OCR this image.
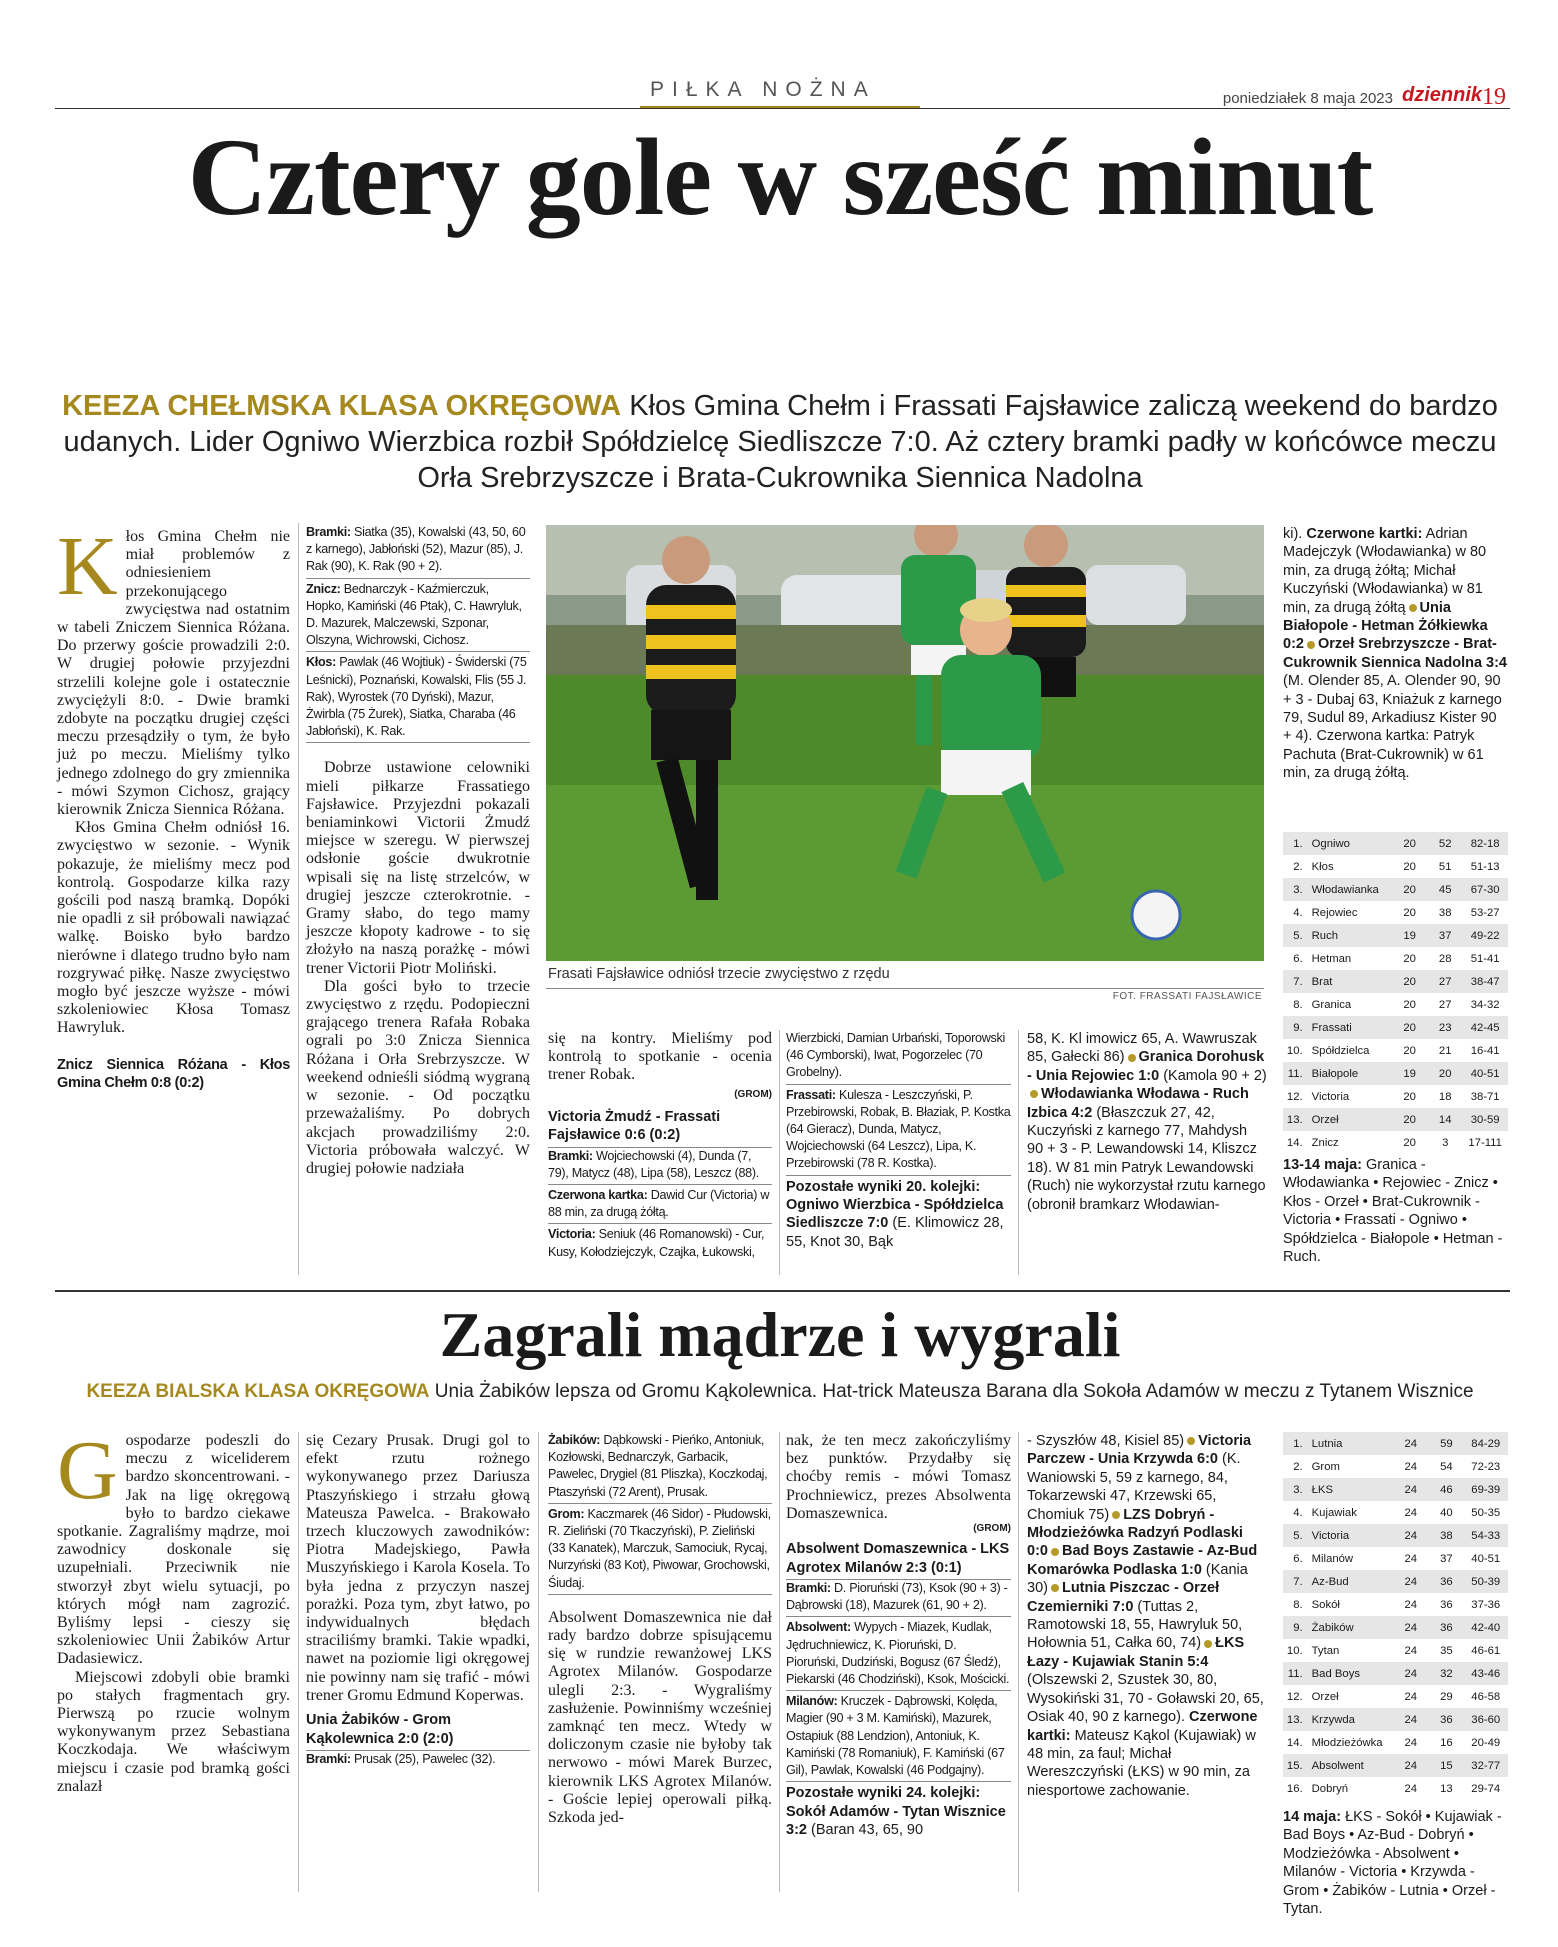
PIŁKA NOŻNA	poniedziałek 8 maja 2023 dziennik 19
Cztery gole w sześć minut
KEEZA CHEŁMSKA KLASA OKRĘGOWA Kłos Gmina Chełm i Frassati Fajsławice zaliczą weekend do bardzo udanych. Lider Ogniwo Wierzbica rozbił Spółdzielcę Siedliszcze 7:0. Aż cztery bramki padły w końcówce meczu Orła Srebrzyszcze i Brata-Cukrownika Siennica Nadolna
K łos Gmina Chełm nie miał problemów z odniesieniem przekonującego zwycięstwa nad ostatnim w tabeli Zniczem Siennica Różana. Do przerwy goście prowadzili 2:0. W drugiej połowie przyjezdni strzelili kolejne gole i ostatecznie zwyciężyli 8:0. - Dwie bramki zdobyte na początku drugiej części meczu przesądziły o tym, że było już po meczu. Mieliśmy tylko jednego zdolnego do gry zmiennika - mówi Szymon Cichosz, grający kierownik Znicza Siennica Różana.

Kłos Gmina Chełm odniósł 16. zwycięstwo w sezonie. - Wynik pokazuje, że mieliśmy mecz pod kontrolą. Gospodarze kilka razy gościli pod naszą bramką. Dopóki nie opadli z sił próbowali nawiązać walkę. Boisko było bardzo nierówne i dlatego trudno było nam rozgrywać piłkę. Nasze zwycięstwo mogło być jeszcze wyższe - mówi szkoleniowiec Kłosa Tomasz Hawryluk.

Znicz Siennica Różana - Kłos Gmina Chełm 0:8 (0:2)

Bramki: Siatka (35), Kowalski (43, 50, 60 z karnego), Jabłoński (52), Mazur (85), J. Rak (90), K. Rak (90 + 2).
Znicz: Bednarczyk - Kaźmierczuk, Hopko, Kamiński (46 Ptak), C. Hawryluk, D. Mazurek, Malczewski, Szponar, Olszyna, Wichrowski, Cichosz.
Kłos: Pawlak (46 Wojtiuk) - Świderski (75 Leśnicki), Poznański, Kowalski, Flis (55 J. Rak), Wyrostek (70 Dyński), Mazur, Żwirbla (75 Żurek), Siatka, Charaba (46 Jabłoński), K. Rak.

Dobrze ustawione celowniki mieli piłkarze Frassatiego Fajsławice. Przyjezdni pokazali beniaminkowi Victorii Żmudź miejsce w szeregu. W pierwszej odsłonie goście dwukrotnie wpisali się na listę strzelców, w drugiej jeszcze czterokrotnie. - Gramy słabo, do tego mamy jeszcze kłopoty kadrowe - to się złożyło na naszą porażkę - mówi trener Victorii Piotr Moliński.

Dla gości było to trzecie zwycięstwo z rzędu. Podopieczni grającego trenera Rafała Robaka ograli po 3:0 Znicza Siennica Różana i Orła Srebrzyszcze. W weekend odnieśli siódmą wygraną w sezonie. - Od początku przeważaliśmy. Po dobrych akcjach prowadziliśmy 2:0. Victoria próbowała walczyć. W drugiej połowie nadziała

Frasati Fajsławice odniósł trzecie zwycięstwo z rzędu
FOT. FRASSATI FAJSŁAWICE

się na kontry. Mieliśmy pod kontrolą to spotkanie - ocenia trener Robak.

(GROM)

Victoria Żmudź - Frassati Fajsławice 0:6 (0:2)

Bramki: Wojciechowski (4), Dunda (7, 79), Matycz (48), Lipa (58), Leszcz (88).
Czerwona kartka: Dawid Cur (Victoria) w 88 min, za drugą żółtą.
Victoria: Seniuk (46 Romanowski) - Cur, Kusy, Kołodziejczyk, Czajka, Łukowski,
Wierzbicki, Damian Urbański, Toporowski (46 Cymborski), Iwat, Pogorzelec (70 Grobelny).
Frassati: Kulesza - Leszczyński, P. Przebirowski, Robak, B. Błaziak, P. Kostka (64 Gieracz), Dunda, Matycz, Wojciechowski (64 Leszcz), Lipa, K. Przebirowski (78 R. Kostka).
Pozostałe wyniki 20. kolejki:
Ogniwo Wierzbica - Spółdzielca Siedliszcze 7:0 (E. Klimowicz 28, 55, Knot 30, Bąk
58, K. Kl imowicz 65, A. Wawruszak 85, Gałecki 86) Granica Dorohusk - Unia Rejowiec 1:0 (Kamola 90 + 2)Włodawianka Włodawa - Ruch Izbica 4:2 (Błaszczuk 27, 42, Kuczyński z karnego 77, Mahdysh 90 + 3 - P. Lewandowski 14, Kliszcz 18). W 81 min Patryk Lewandowski (Ruch) nie wykorzystał rzutu karnego (obronił bramkarz Włodawian-
ki). Czerwone kartki: Adrian Madejczyk (Włodawianka) w 80 min, za drugą żółtą; Michał Kuczyński (Włodawianka) w 81 min, za drugą żółtą Unia Białopole - Hetman Żółkiewka 0:2 Orzeł Srebrzyszcze - Brat-Cukrownik Siennica Nadolna 3:4 (M. Olender 85, A. Olender 90, 90 + 3 - Dubaj 63, Kniażuk z karnego 79, Sudul 89, Arkadiusz Kister 90 + 4). Czerwona kartka: Patryk Pachuta (Brat-Cukrownik) w 61 min, za drugą żółtą.
1.	Ogniwo	20	52	82-18
2.	Kłos	20	51	51-13
3.	Włodawianka	20	45	67-30
4.	Rejowiec	20	38	53-27
5.	Ruch	19	37	49-22
6.	Hetman	20	28	51-41
7.	Brat	20	27	38-47
8.	Granica	20	27	34-32
9.	Frassati	20	23	42-45
10.	Spółdzielca	20	21	16-41
11.	Białopole	19	20	40-51
12.	Victoria	20	18	38-71
13.	Orzeł	20	14	30-59
14.	Znicz	20	3	17-111
13-14 maja: Granica - Włodawianka • Rejowiec - Znicz • Kłos - Orzeł • Brat-Cukrownik - Victoria • Frassati - Ogniwo • Spółdzielca - Białopole • Hetman - Ruch.
Zagrali mądrze i wygrali
KEEZA BIALSKA KLASA OKRĘGOWA Unia Żabików lepsza od Gromu Kąkolewnica. Hat-trick Mateusza Barana dla Sokoła Adamów w meczu z Tytanem Wisznice
G ospodarze podeszli do meczu z wiceliderem bardzo skoncentrowani. - Jak na ligę okręgową było to bardzo ciekawe spotkanie. Zagraliśmy mądrze, moi zawodnicy doskonale się uzupełniali. Przeciwnik nie stworzył zbyt wielu sytuacji, po których mógł nam zagrozić. Byliśmy lepsi - cieszy się szkoleniowiec Unii Żabików Artur Dadasiewicz.

Miejscowi zdobyli obie bramki po stałych fragmentach gry. Pierwszą po rzucie wolnym wykonywanym przez Sebastiana Koczkodaja. We właściwym miejscu i czasie pod bramką gości znalazł

się Cezary Prusak. Drugi gol to efekt rzutu rożnego wykonywanego przez Dariusza Ptaszyńskiego i strzału głową Mateusza Pawelca. - Brakowało trzech kluczowych zawodników: Piotra Madejskiego, Pawła Muszyńskiego i Karola Kosela. To była jedna z przyczyn naszej porażki. Poza tym, zbyt łatwo, po indywidualnych błędach straciliśmy bramki. Takie wpadki, nawet na poziomie ligi okręgowej nie powinny nam się trafić - mówi trener Gromu Edmund Koperwas.

Unia Żabików - Grom Kąkolewnica 2:0 (2:0)

Bramki: Prusak (25), Pawelec (32).
Żabików: Dąbkowski - Pieńko, Antoniuk, Kozłowski, Bednarczyk, Garbacik, Pawelec, Drygiel (81 Pliszka), Koczkodaj, Ptaszyński (72 Arent), Prusak.
Grom: Kaczmarek (46 Sidor) - Płudowski, R. Zieliński (70 Tkaczyński), P. Zieliński (33 Kanatek), Marczuk, Samociuk, Rycaj, Nurzyński (83 Kot), Piwowar, Grochowski, Śiudaj.

Absolwent Domaszewnica nie dał rady bardzo dobrze spisującemu się w rundzie rewanżowej LKS Agrotex Milanów. Gospodarze ulegli 2:3. - Wygraliśmy zasłużenie. Powinniśmy wcześniej zamknąć ten mecz. Wtedy w doliczonym czasie nie byłoby tak nerwowo - mówi Marek Burzec, kierownik LKS Agrotex Milanów. - Goście lepiej operowali piłką. Szkoda jed-

nak, że ten mecz zakończyliśmy bez punktów. Przydałby się choćby remis - mówi Tomasz Prochniewicz, prezes Absolwenta Domaszewnica.

(GROM)

Absolwent Domaszewnica - LKS Agrotex Milanów 2:3 (0:1)

Bramki: D. Pioruński (73), Ksok (90 + 3) - Dąbrowski (18), Mazurek (61, 90 + 2).
Absolwent: Wypych - Miazek, Kudlak, Jędruchniewicz, K. Pioruński, D. Pioruński, Dudziński, Bogusz (67 Śledź), Piekarski (46 Chodziński), Ksok, Mościcki.
Milanów: Kruczek - Dąbrowski, Kolęda, Magier (90 + 3 M. Kamiński), Mazurek, Ostapiuk (88 Lendzion), Antoniuk, K. Kamiński (78 Romaniuk), F. Kamiński (67 Gil), Pawlak, Kowalski (46 Podgajny).
Pozostałe wyniki 24. kolejki:
Sokół Adamów - Tytan Wisznice 3:2 (Baran 43, 65, 90
- Szyszłów 48, Kisiel 85) Victoria Parczew - Unia Krzywda 6:0 (K. Waniowski 5, 59 z karnego, 84, Tokarzewski 47, Krzewski 65, Chomiuk 75) LZS Dobryń - Młodzieżówka Radzyń Podlaski 0:0 Bad Boys Zastawie - Az-Bud Komarówka Podlaska 1:0 (Kania 30) Lutnia Piszczac - Orzeł Czemierniki 7:0 (Tuttas 2, Ramotowski 18, 55, Hawryluk 50, Hołownia 51, Całka 60, 74) ŁKS Łazy - Kujawiak Stanin 5:4 (Olszewski 2, Szustek 30, 80, Wysokiński 31, 70 - Goławski 20, 65, Osiak 40, 90 z karnego). Czerwone kartki: Mateusz Kąkol (Kujawiak) w 48 min, za faul; Michał Wereszczyński (ŁKS) w 90 min, za niesportowe zachowanie.
1.	Lutnia	24	59	84-29
2.	Grom	24	54	72-23
3.	ŁKS	24	46	69-39
4.	Kujawiak	24	40	50-35
5.	Victoria	24	38	54-33
6.	Milanów	24	37	40-51
7.	Az-Bud	24	36	50-39
8.	Sokół	24	36	37-36
9.	Żabików	24	36	42-40
10.	Tytan	24	35	46-61
11.	Bad Boys	24	32	43-46
12.	Orzeł	24	29	46-58
13.	Krzywda	24	36	36-60
14.	Młodzieżówka	24	16	20-49
15.	Absolwent	24	15	32-77
16.	Dobryń	24	13	29-74
14 maja: ŁKS - Sokół • Kujawiak - Bad Boys • Az-Bud - Dobryń • Modzieżówka - Absolwent • Milanów - Victoria • Krzywda - Grom • Żabików - Lutnia • Orzeł - Tytan.
